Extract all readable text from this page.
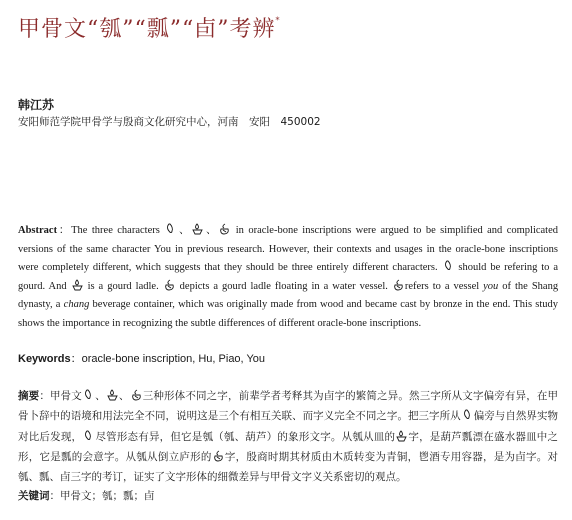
甲骨文“瓠”“瓢”“卣”考辨*
韩江苏
安阳师范学院甲骨学与殷商文化研究中心，河南　安阳　450002
Abstract：The three characters 、 、 in oracle-bone inscriptions were argued to be simplified and complicated versions of the same character You in previous research. However, their contexts and usages in the oracle-bone inscriptions were completely different, which suggests that they should be three entirely different characters. should be refering to a gourd. And is a gourd ladle. depicts a gourd ladle floating in a water vessel. refers to a vessel you of the Shang dynasty, a chang beverage container, which was originally made from wood and became cast by bronze in the end. This study shows the importance in recognizing the subtle differences of different oracle-bone inscriptions.
Keywords：oracle-bone inscription, Hu, Piao, You
摘要：甲骨文 、 、 三种形体不同之字，前辈学者考释其为卣字的繁简之异。然三字所从文字偏旁有异，在甲骨卜辞中的语境和用法完全不同，说明这是三个有相互关联、而字义完全不同之字。把三字所从 偏旁与自然界实物对比后发现， 尽管形态有异，但它是瓠（瓠、葫芦）的象形文字。从瓠从皿的 字，是葫芦瓢漂在盛水器皿中之形，它是瓢的会意字。从瓠从倒立庐形的 字，殷商时期其材质由木质转变为青铜，鬯酒专用容器，是为卣字。对瓠、瓢、卣三字的考订，证实了文字形体的细微差异与甲骨文字义关系密切的观点。
关键词：甲骨文；瓠；瓢；卣
